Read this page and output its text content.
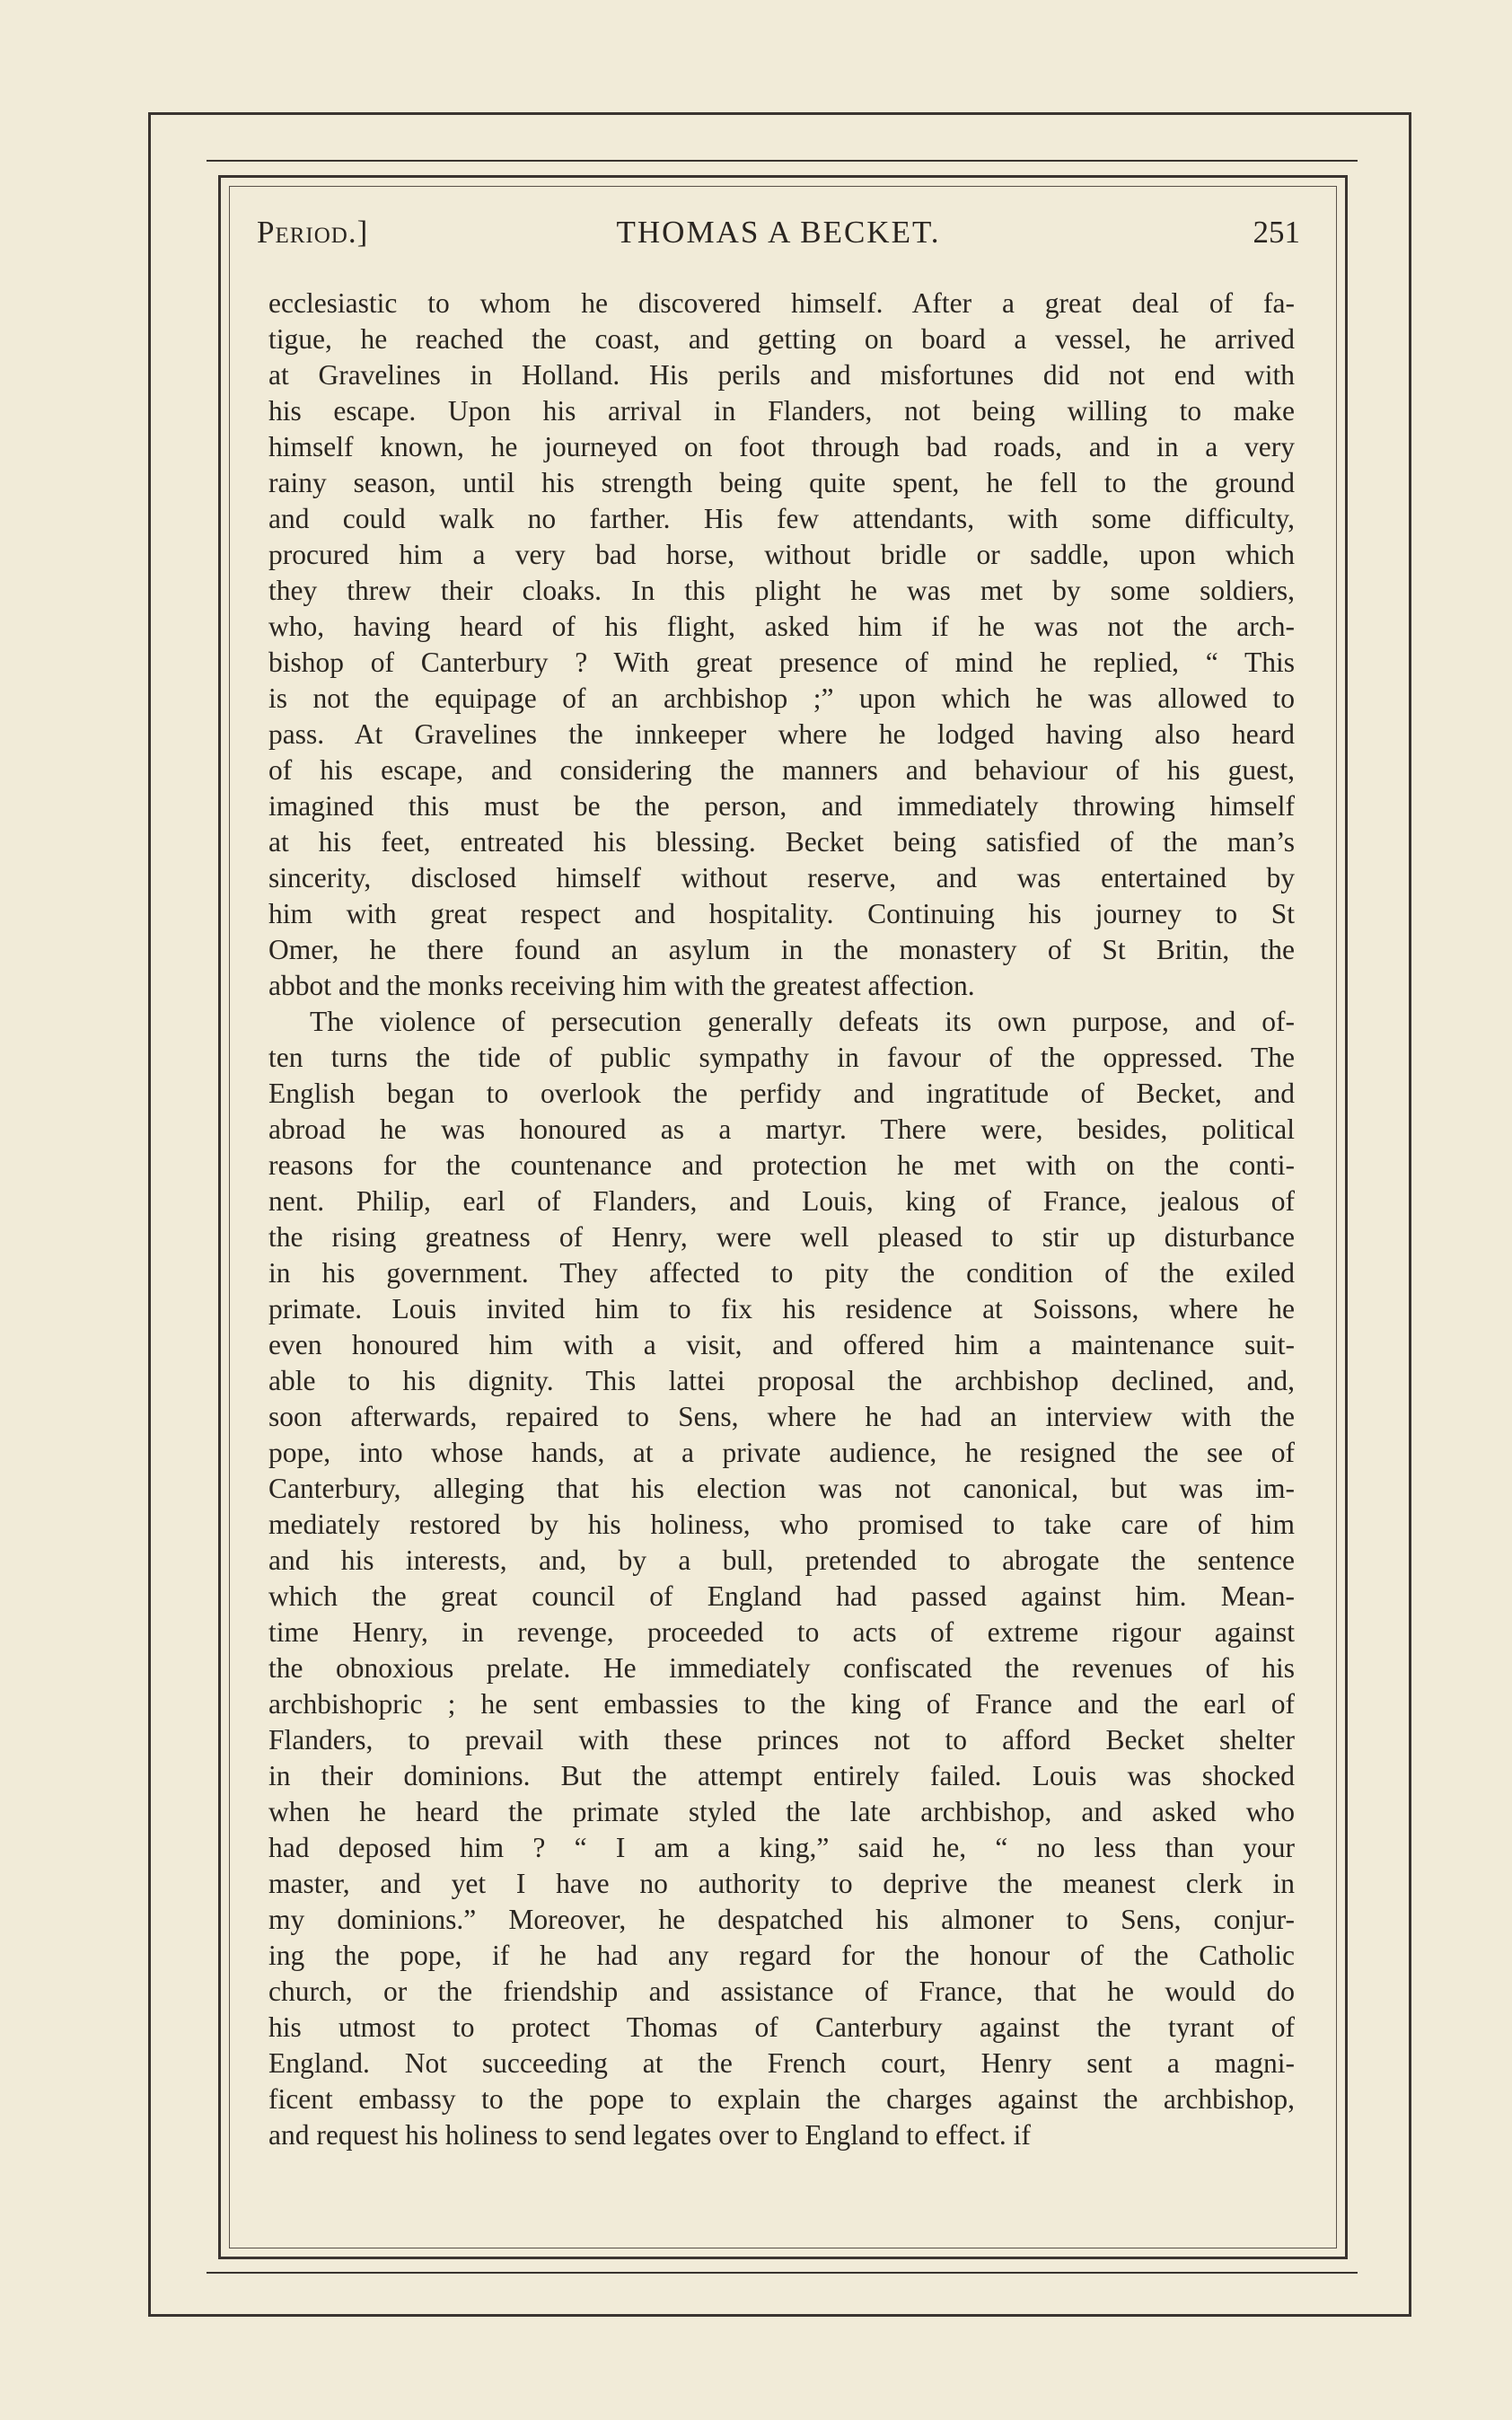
Period.]	THOMAS A BECKET.	251
ecclesiastic to whom he discovered himself. After a great deal of fa-
tigue, he reached the coast, and getting on board a vessel, he arrived
at Gravelines in Holland. His perils and misfortunes did not end with
his escape. Upon his arrival in Flanders, not being willing to make
himself known, he journeyed on foot through bad roads, and in a very
rainy season, until his strength being quite spent, he fell to the ground
and could walk no farther. His few attendants, with some difficulty,
procured him a very bad horse, without bridle or saddle, upon which
they threw their cloaks. In this plight he was met by some soldiers,
who, having heard of his flight, asked him if he was not the arch-
bishop of Canterbury ? With great presence of mind he replied, “ This
is not the equipage of an archbishop ;” upon which he was allowed to
pass. At Gravelines the innkeeper where he lodged having also heard
of his escape, and considering the manners and behaviour of his guest,
imagined this must be the person, and immediately throwing himself
at his feet, entreated his blessing. Becket being satisfied of the man’s
sincerity, disclosed himself without reserve, and was entertained by
him with great respect and hospitality. Continuing his journey to St
Omer, he there found an asylum in the monastery of St Britin, the
abbot and the monks receiving him with the greatest affection.
The violence of persecution generally defeats its own purpose, and of-
ten turns the tide of public sympathy in favour of the oppressed. The
English began to overlook the perfidy and ingratitude of Becket, and
abroad he was honoured as a martyr. There were, besides, political
reasons for the countenance and protection he met with on the conti-
nent. Philip, earl of Flanders, and Louis, king of France, jealous of
the rising greatness of Henry, were well pleased to stir up disturbance
in his government. They affected to pity the condition of the exiled
primate. Louis invited him to fix his residence at Soissons, where he
even honoured him with a visit, and offered him a maintenance suit-
able to his dignity. This lattei proposal the archbishop declined, and,
soon afterwards, repaired to Sens, where he had an interview with the
pope, into whose hands, at a private audience, he resigned the see of
Canterbury, alleging that his election was not canonical, but was im-
mediately restored by his holiness, who promised to take care of him
and his interests, and, by a bull, pretended to abrogate the sentence
which the great council of England had passed against him. Mean-
time Henry, in revenge, proceeded to acts of extreme rigour against
the obnoxious prelate. He immediately confiscated the revenues of his
archbishopric ; he sent embassies to the king of France and the earl of
Flanders, to prevail with these princes not to afford Becket shelter
in their dominions. But the attempt entirely failed. Louis was shocked
when he heard the primate styled the late archbishop, and asked who
had deposed him ? “ I am a king,” said he, “ no less than your
master, and yet I have no authority to deprive the meanest clerk in
my dominions.” Moreover, he despatched his almoner to Sens, conjur-
ing the pope, if he had any regard for the honour of the Catholic
church, or the friendship and assistance of France, that he would do
his utmost to protect Thomas of Canterbury against the tyrant of
England. Not succeeding at the French court, Henry sent a magni-
ficent embassy to the pope to explain the charges against the archbishop,
and request his holiness to send legates over to England to effect. if
